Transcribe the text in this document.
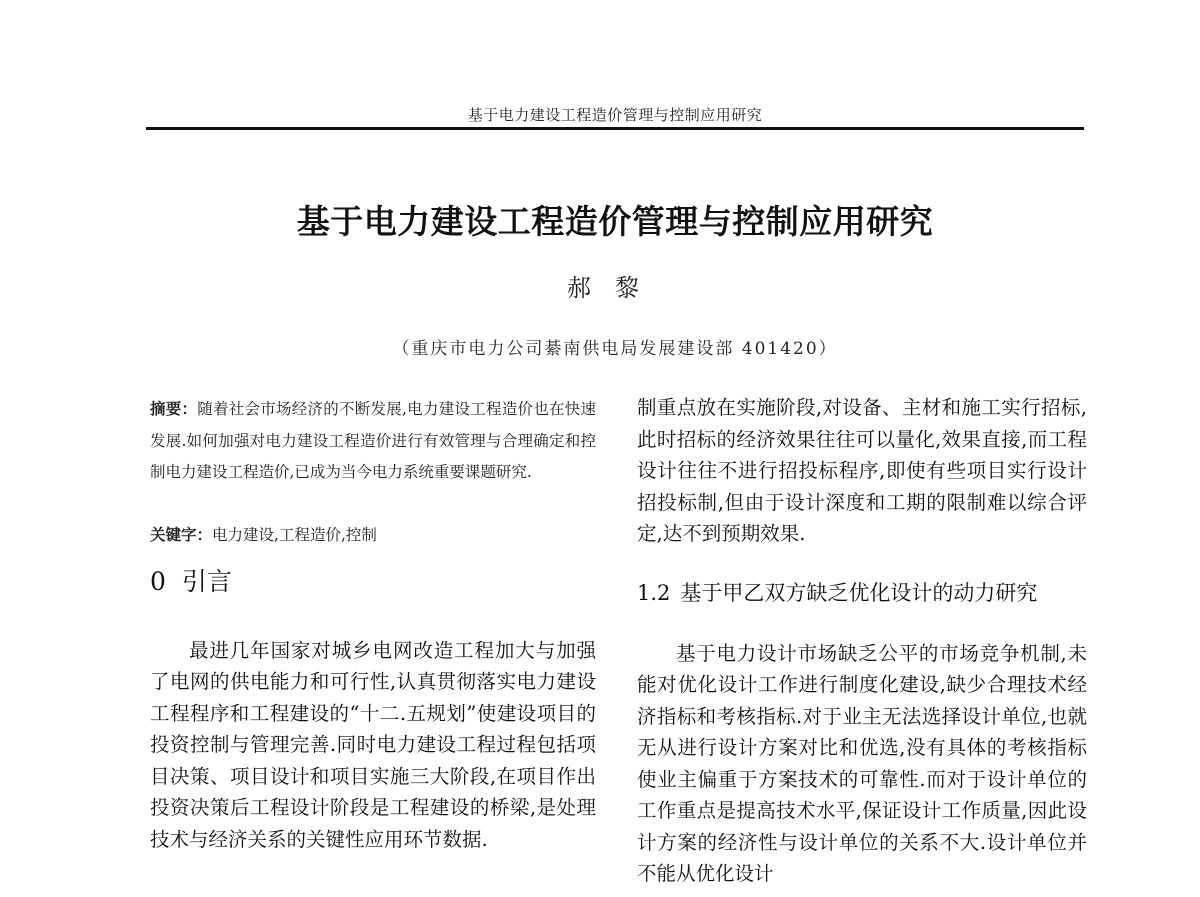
基于电力建设工程造价管理与控制应用研究
基于电力建设工程造价管理与控制应用研究
郝黎
（重庆市电力公司綦南供电局发展建设部 401420）

摘要：随着社会市场经济的不断发展,电力建设工程造价也在快速发展.如何加强对电力建设工程造价进行有效管理与合理确定和控制电力建设工程造价,已成为当今电力系统重要课题研究.

关键字：电力建设,工程造价,控制
0 引言

最进几年国家对城乡电网改造工程加大与加强了电网的供电能力和可行性,认真贯彻落实电力建设工程程序和工程建设的“十二.五规划”使建设项目的投资控制与管理完善.同时电力建设工程过程包括项目决策、项目设计和项目实施三大阶段,在项目作出投资决策后工程设计阶段是工程建设的桥梁,是处理技术与经济关系的关键性应用环节数据.

制重点放在实施阶段,对设备、主材和施工实行招标,此时招标的经济效果往往可以量化,效果直接,而工程设计往往不进行招投标程序,即使有些项目实行设计招投标制,但由于设计深度和工期的限制难以综合评定,达不到预期效果.

1.2 基于甲乙双方缺乏优化设计的动力研究

基于电力设计市场缺乏公平的市场竞争机制,未能对优化设计工作进行制度化建设,缺少合理技术经济指标和考核指标.对于业主无法选择设计单位,也就无从进行设计方案对比和优选,没有具体的考核指标使业主偏重于方案技术的可靠性.而对于设计单位的工作重点是提高技术水平,保证设计工作质量,因此设计方案的经济性与设计单位的关系不大.设计单位并不能从优化设计
